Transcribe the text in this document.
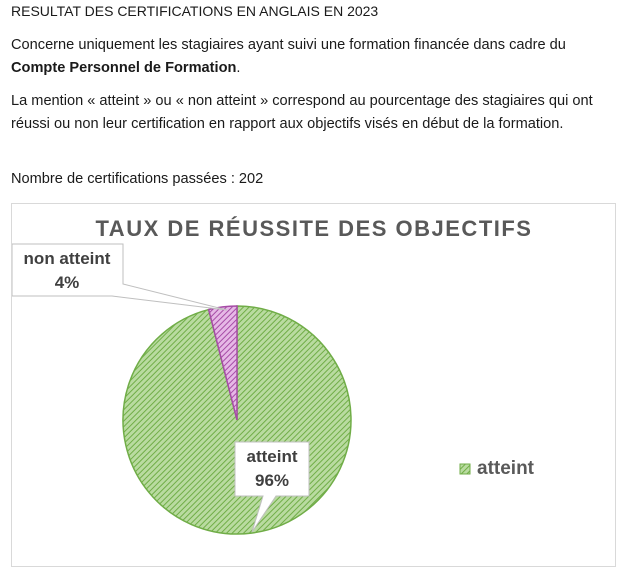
RESULTAT DES CERTIFICATIONS EN ANGLAIS EN 2023
Concerne uniquement les stagiaires ayant suivi une formation financée dans cadre du Compte Personnel de Formation.
La mention « atteint » ou « non atteint » correspond au pourcentage des stagiaires qui ont réussi ou non leur certification en rapport aux objectifs visés en début de la formation.
Nombre de certifications passées : 202
TAUX DE RÉUSSITE DES OBJECTIFS
atteint
96%
non atteint
4%
atteint
